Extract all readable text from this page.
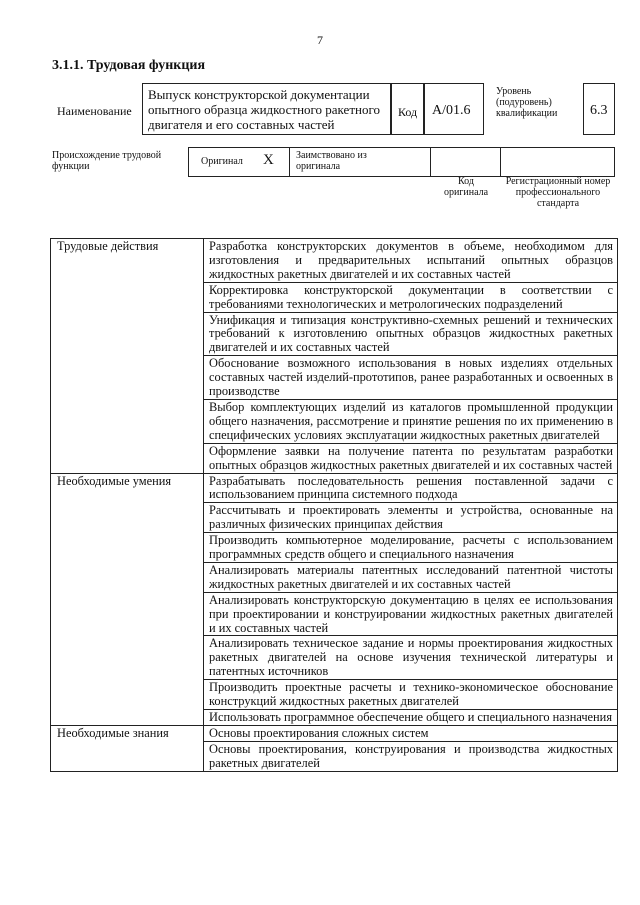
7
3.1.1. Трудовая функция
Наименование
Выпуск конструкторской документации опытного образца жидкостного ракетного двигателя и его составных частей
Код	А/01.6
Уровень (подуровень) квалификации	6.3
Происхождение трудовой функции	Оригинал X Заимствовано из оригинала
Код оригинала
Регистрационный номер профессионального стандарта
Трудовые действия	Разработка конструкторских документов в объеме, необходимом для изготовления и предварительных испытаний опытных образцов жидкостных ракетных двигателей и их составных частей
	Корректировка конструкторской документации в соответствии с требованиями технологических и метрологических подразделений
	Унификация и типизация конструктивно-схемных решений и технических требований к изготовлению опытных образцов жидкостных ракетных двигателей и их составных частей
	Обоснование возможного использования в новых изделиях отдельных составных частей изделий-прототипов, ранее разработанных и освоенных в производстве
	Выбор комплектующих изделий из каталогов промышленной продукции общего назначения, рассмотрение и принятие решения по их применению в специфических условиях эксплуатации жидкостных ракетных двигателей
	Оформление заявки на получение патента по результатам разработки опытных образцов жидкостных ракетных двигателей и их составных частей
Необходимые умения	Разрабатывать последовательность решения поставленной задачи с использованием принципа системного подхода
	Рассчитывать и проектировать элементы и устройства, основанные на различных физических принципах действия
	Производить компьютерное моделирование, расчеты с использованием программных средств общего и специального назначения
	Анализировать материалы патентных исследований патентной чистоты жидкостных ракетных двигателей и их составных частей
	Анализировать конструкторскую документацию в целях ее использования при проектировании и конструировании жидкостных ракетных двигателей и их составных частей
	Анализировать техническое задание и нормы проектирования жидкостных ракетных двигателей на основе изучения технической литературы и патентных источников
	Производить проектные расчеты и технико-экономическое обоснование конструкций жидкостных ракетных двигателей
	Использовать программное обеспечение общего и специального назначения
Необходимые знания	Основы проектирования сложных систем
	Основы проектирования, конструирования и производства жидкостных ракетных двигателей
